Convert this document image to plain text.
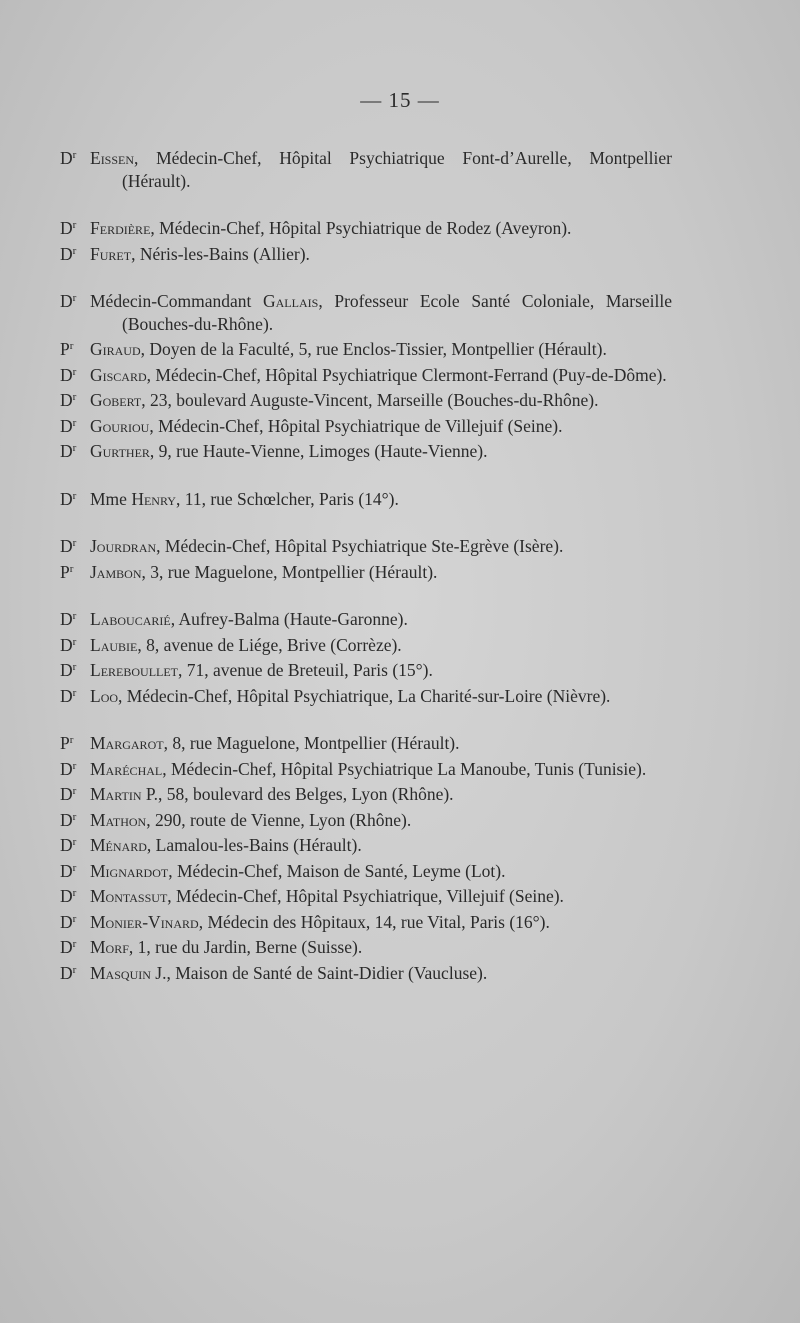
— 15 —
$D^r$ Eissen, Médecin-Chef, Hôpital Psychiatrique Font-d’Aurelle, Montpellier (Hérault).
$D^r$ Ferdière, Médecin-Chef, Hôpital Psychiatrique de Rodez (Aveyron).
$D^r$ Furet, Néris-les-Bains (Allier).
$D^r$ Médecin-Commandant Gallais, Professeur Ecole Santé Coloniale, Marseille (Bouches-du-Rhône).
$P^r$ Giraud, Doyen de la Faculté, 5, rue Enclos-Tissier, Montpellier (Hérault).
$D^r$ Giscard, Médecin-Chef, Hôpital Psychiatrique Clermont-Ferrand (Puy-de-Dôme).
$D^r$ Gobert, 23, boulevard Auguste-Vincent, Marseille (Bouches-du-Rhône).
$D^r$ Gouriou, Médecin-Chef, Hôpital Psychiatrique de Villejuif (Seine).
$D^r$ Gurther, 9, rue Haute-Vienne, Limoges (Haute-Vienne).
$D^r$ Mme Henry, 11, rue Schœlcher, Paris (14°).
$D^r$ Jourdran, Médecin-Chef, Hôpital Psychiatrique Ste-Egrève (Isère).
$P^r$ Jambon, 3, rue Maguelone, Montpellier (Hérault).
$D^r$ Laboucarié, Aufrey-Balma (Haute-Garonne).
$D^r$ Laubie, 8, avenue de Liége, Brive (Corrèze).
$D^r$ Lereboullet, 71, avenue de Breteuil, Paris (15°).
$D^r$ Loo, Médecin-Chef, Hôpital Psychiatrique, La Charité-sur-Loire (Nièvre).
$P^r$ Margarot, 8, rue Maguelone, Montpellier (Hérault).
$D^r$ Maréchal, Médecin-Chef, Hôpital Psychiatrique La Manoube, Tunis (Tunisie).
$D^r$ Martin P., 58, boulevard des Belges, Lyon (Rhône).
$D^r$ Mathon, 290, route de Vienne, Lyon (Rhône).
$D^r$ Ménard, Lamalou-les-Bains (Hérault).
$D^r$ Mignardot, Médecin-Chef, Maison de Santé, Leyme (Lot).
$D^r$ Montassut, Médecin-Chef, Hôpital Psychiatrique, Villejuif (Seine).
$D^r$ Monier-Vinard, Médecin des Hôpitaux, 14, rue Vital, Paris (16°).
$D^r$ Morf, 1, rue du Jardin, Berne (Suisse).
$D^r$ Masquin J., Maison de Santé de Saint-Didier (Vaucluse).
